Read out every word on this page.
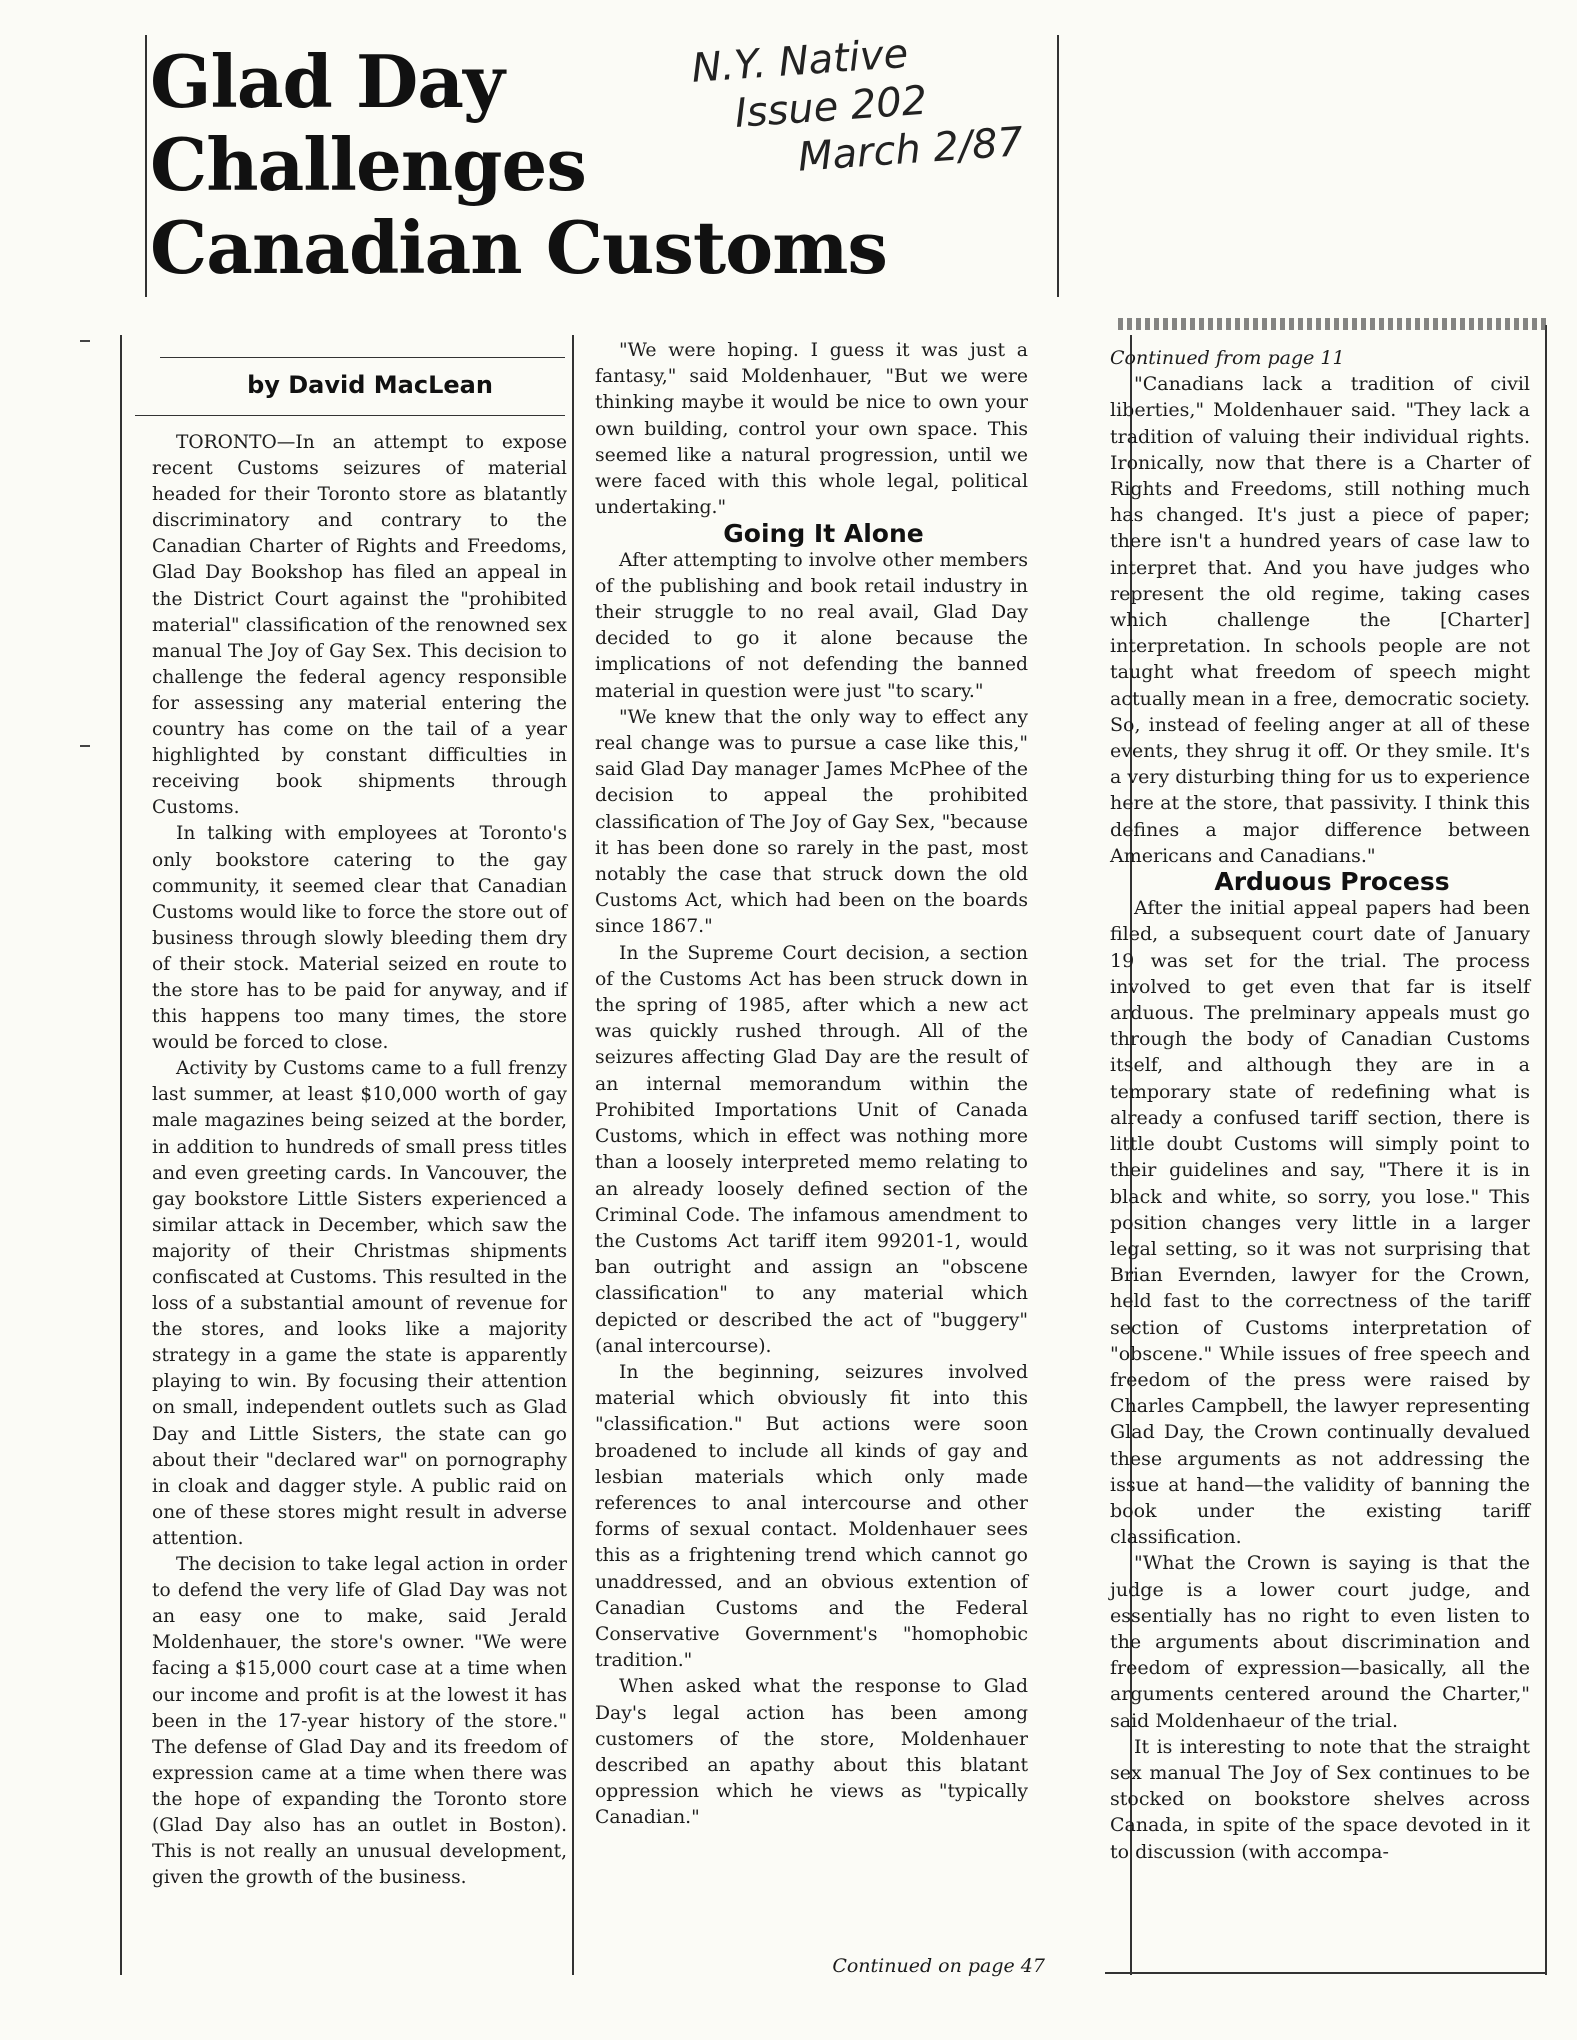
Glad Day
Challenges
Canadian Customs
N.Y. Native
Issue 202
March 2/87
by David MacLean

TORONTO—In an attempt to expose recent Customs seizures of material headed for their Toronto store as blatantly discriminatory and contrary to the Canadian Charter of Rights and Freedoms, Glad Day Bookshop has filed an appeal in the District Court against the "prohibited material" classification of the renowned sex manual The Joy of Gay Sex. This decision to challenge the federal agency responsible for assessing any material entering the country has come on the tail of a year highlighted by constant difficulties in receiving book shipments through Customs.

In talking with employees at Toronto's only bookstore catering to the gay community, it seemed clear that Canadian Customs would like to force the store out of business through slowly bleeding them dry of their stock. Material seized en route to the store has to be paid for anyway, and if this happens too many times, the store would be forced to close.

Activity by Customs came to a full frenzy last summer, at least $10,000 worth of gay male magazines being seized at the border, in addition to hundreds of small press titles and even greeting cards. In Vancouver, the gay bookstore Little Sisters experienced a similar attack in December, which saw the majority of their Christmas shipments confiscated at Customs. This resulted in the loss of a substantial amount of revenue for the stores, and looks like a majority strategy in a game the state is apparently playing to win. By focusing their attention on small, independent outlets such as Glad Day and Little Sisters, the state can go about their "declared war" on pornography in cloak and dagger style. A public raid on one of these stores might result in adverse attention.

The decision to take legal action in order to defend the very life of Glad Day was not an easy one to make, said Jerald Moldenhauer, the store's owner. "We were facing a $15,000 court case at a time when our income and profit is at the lowest it has been in the 17-year history of the store." The defense of Glad Day and its freedom of expression came at a time when there was the hope of expanding the Toronto store (Glad Day also has an outlet in Boston). This is not really an unusual development, given the growth of the business.

"We were hoping. I guess it was just a fantasy," said Moldenhauer, "But we were thinking maybe it would be nice to own your own building, control your own space. This seemed like a natural progression, until we were faced with this whole legal, political undertaking."

Going It Alone

After attempting to involve other members of the publishing and book retail industry in their struggle to no real avail, Glad Day decided to go it alone because the implications of not defending the banned material in question were just "to scary."

"We knew that the only way to effect any real change was to pursue a case like this," said Glad Day manager James McPhee of the decision to appeal the prohibited classification of The Joy of Gay Sex, "because it has been done so rarely in the past, most notably the case that struck down the old Customs Act, which had been on the boards since 1867."

In the Supreme Court decision, a section of the Customs Act has been struck down in the spring of 1985, after which a new act was quickly rushed through. All of the seizures affecting Glad Day are the result of an internal memorandum within the Prohibited Importations Unit of Canada Customs, which in effect was nothing more than a loosely interpreted memo relating to an already loosely defined section of the Criminal Code. The infamous amendment to the Customs Act tariff item 99201-1, would ban outright and assign an "obscene classification" to any material which depicted or described the act of "buggery" (anal intercourse).

In the beginning, seizures involved material which obviously fit into this "classification." But actions were soon broadened to include all kinds of gay and lesbian materials which only made references to anal intercourse and other forms of sexual contact. Moldenhauer sees this as a frightening trend which cannot go unaddressed, and an obvious extention of Canadian Customs and the Federal Conservative Government's "homophobic tradition."

When asked what the response to Glad Day's legal action has been among customers of the store, Moldenhauer described an apathy about this blatant oppression which he views as "typically Canadian."

Continued on page 47

Continued from page 11

"Canadians lack a tradition of civil liberties," Moldenhauer said. "They lack a tradition of valuing their individual rights. Ironically, now that there is a Charter of Rights and Freedoms, still nothing much has changed. It's just a piece of paper; there isn't a hundred years of case law to interpret that. And you have judges who represent the old regime, taking cases which challenge the [Charter] interpretation. In schools people are not taught what freedom of speech might actually mean in a free, democratic society. So, instead of feeling anger at all of these events, they shrug it off. Or they smile. It's a very disturbing thing for us to experience here at the store, that passivity. I think this defines a major difference between Americans and Canadians."

Arduous Process

After the initial appeal papers had been filed, a subsequent court date of January 19 was set for the trial. The process involved to get even that far is itself arduous. The prelminary appeals must go through the body of Canadian Customs itself, and although they are in a temporary state of redefining what is already a confused tariff section, there is little doubt Customs will simply point to their guidelines and say, "There it is in black and white, so sorry, you lose." This position changes very little in a larger legal setting, so it was not surprising that Brian Evernden, lawyer for the Crown, held fast to the correctness of the tariff section of Customs interpretation of "obscene." While issues of free speech and freedom of the press were raised by Charles Campbell, the lawyer representing Glad Day, the Crown continually devalued these arguments as not addressing the issue at hand—the validity of banning the book under the existing tariff classification.

"What the Crown is saying is that the judge is a lower court judge, and essentially has no right to even listen to the arguments about discrimination and freedom of expression—basically, all the arguments centered around the Charter," said Moldenhaeur of the trial.

It is interesting to note that the straight sex manual The Joy of Sex continues to be stocked on bookstore shelves across Canada, in spite of the space devoted in it to discussion (with accompa-
